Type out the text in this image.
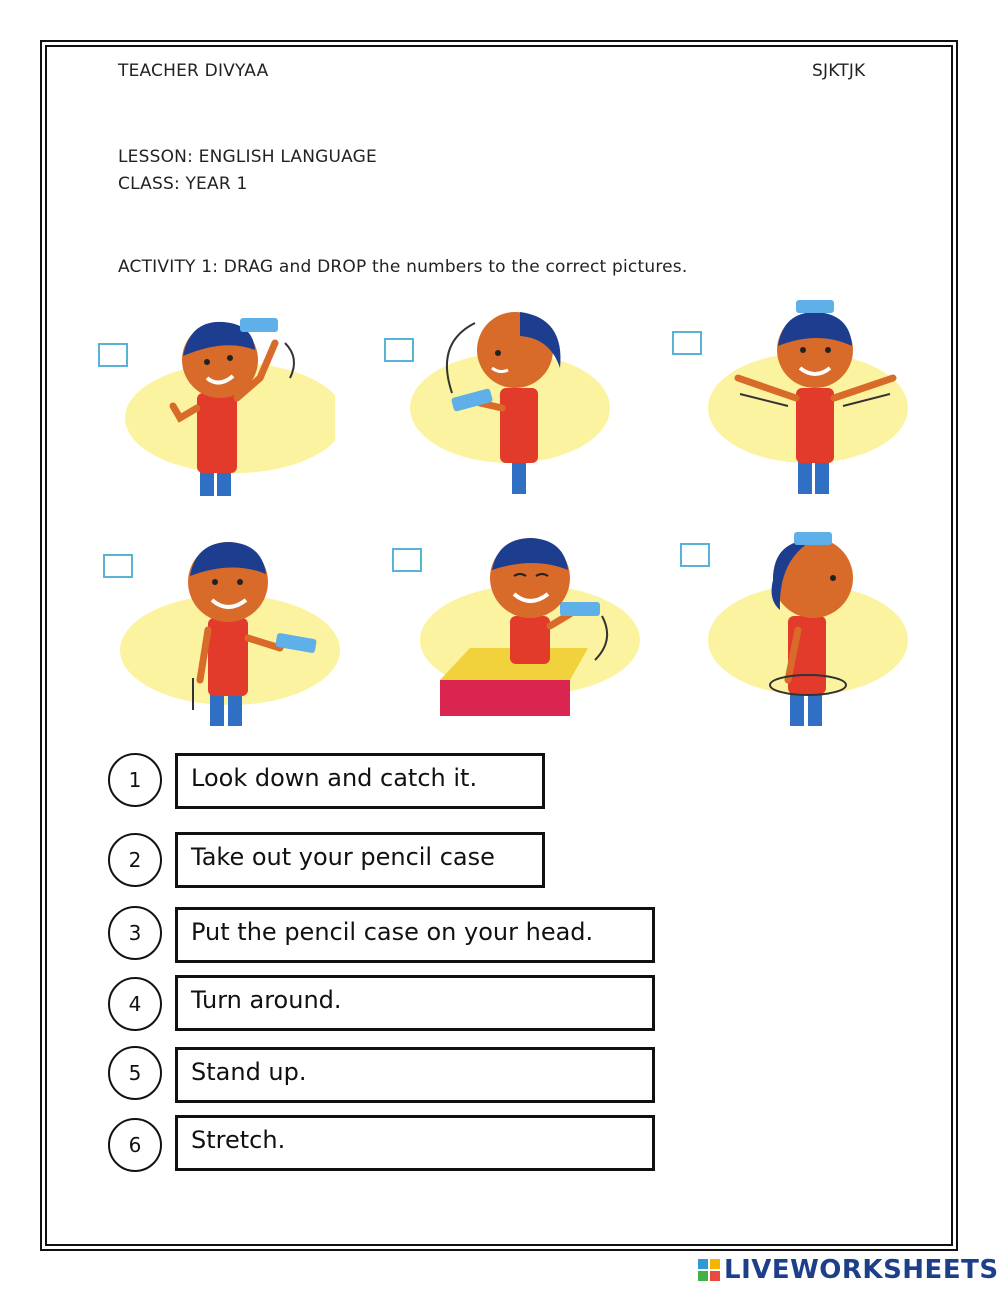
TEACHER DIVYAA	SJKTJK
LESSON: ENGLISH LANGUAGE
CLASS: YEAR 1
ACTIVITY 1: DRAG and DROP the numbers to the correct pictures.
1	Look down and catch it.
2	Take out your pencil case
3	Put the pencil case on your head.
4	Turn around.
5	Stand up.
6	Stretch.
LIVEWORKSHEETS
